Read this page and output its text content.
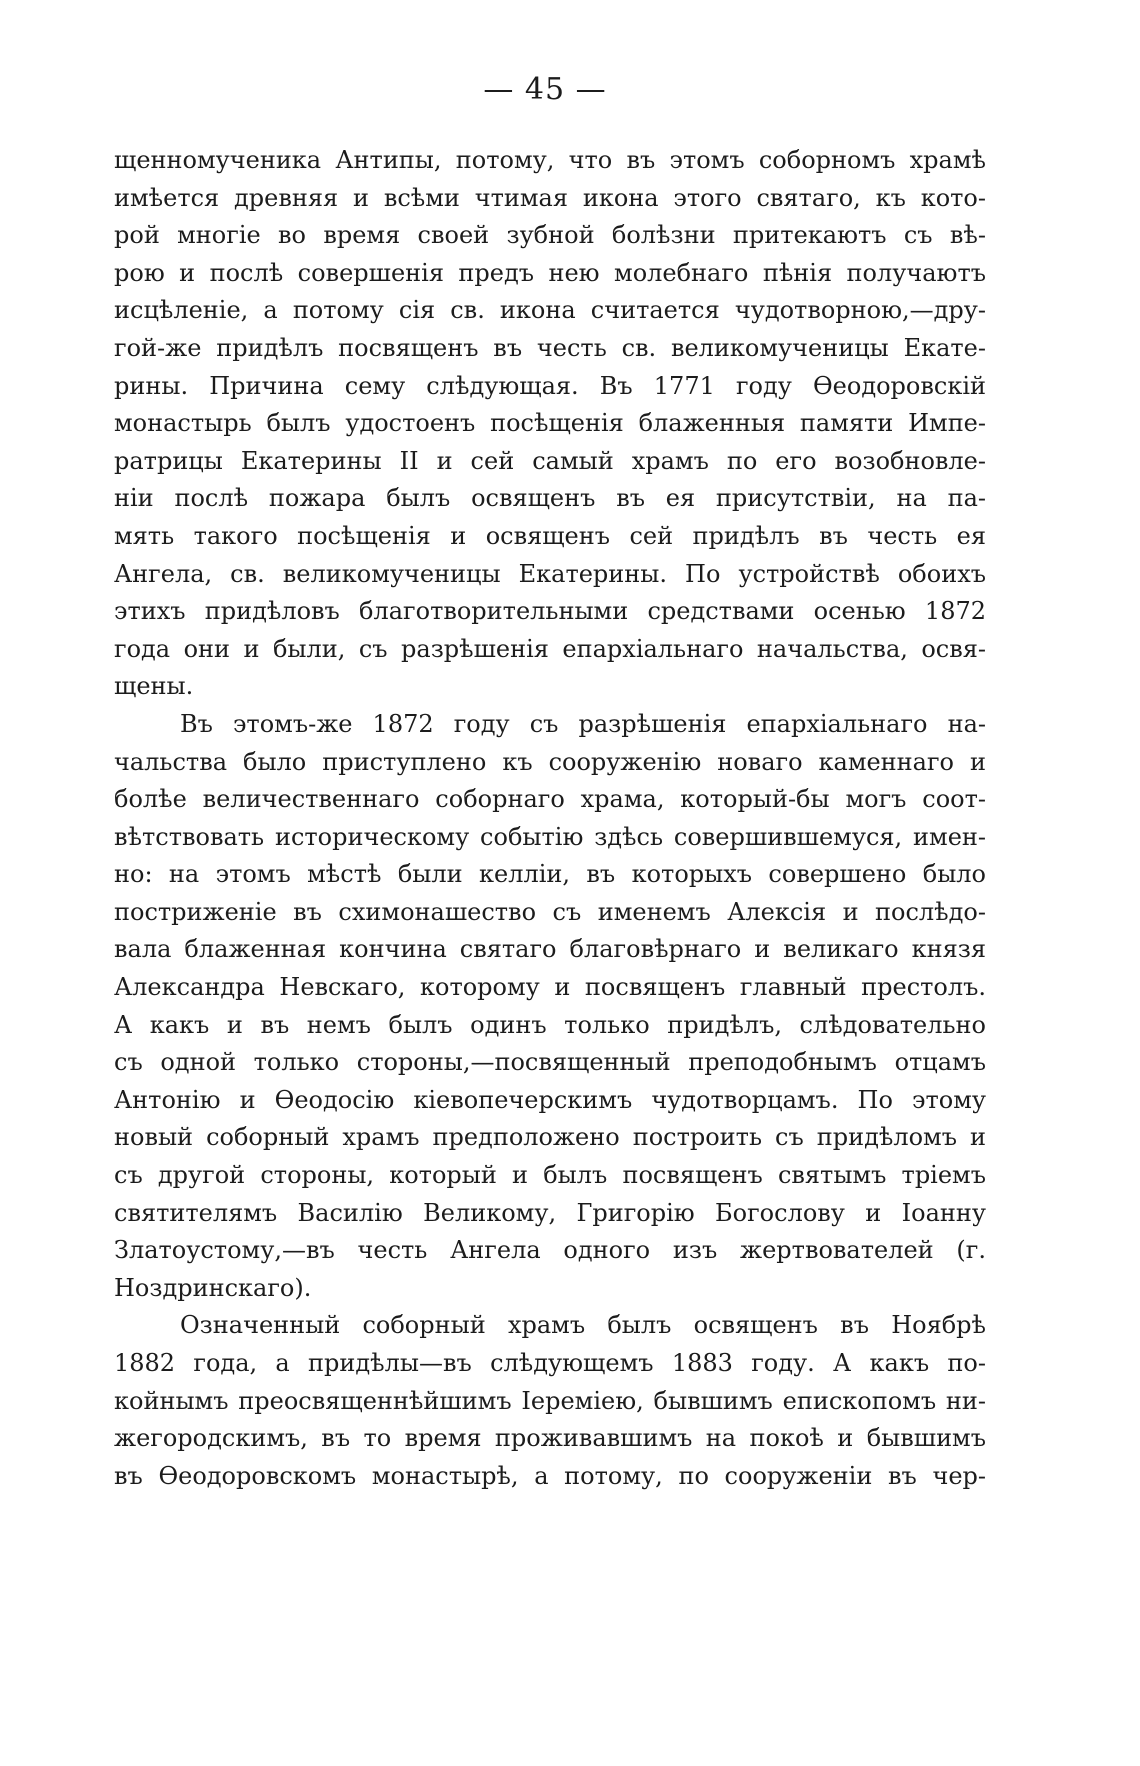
— 45 —
щенномученика Антипы, потому, что въ этомъ соборномъ храмѣ
имѣется древняя и всѣми чтимая икона этого святаго, къ кото-
рой многіе во время своей зубной болѣзни притекаютъ съ вѣ-
рою и послѣ совершенія предъ нею молебнаго пѣнія получаютъ
исцѣленіе, а потому сія св. икона считается чудотворною,—дру-
гой-же придѣлъ посвященъ въ честь св. великомученицы Екате-
рины. Причина сему слѣдующая. Въ 1771 году Ѳеодоровскій
монастырь былъ удостоенъ посѣщенія блаженныя памяти Импе-
ратрицы Екатерины II и сей самый храмъ по его возобновле-
ніи послѣ пожара былъ освященъ въ ея присутствіи, на па-
мять такого посѣщенія и освященъ сей придѣлъ въ честь ея
Ангела, св. великомученицы Екатерины. По устройствѣ обоихъ
этихъ придѣловъ благотворительными средствами осенью 1872
года они и были, съ разрѣшенія епархіальнаго начальства, освя-
щены.
Въ этомъ-же 1872 году съ разрѣшенія епархіальнаго на-
чальства было приступлено къ сооруженію новаго каменнаго и
болѣе величественнаго соборнаго храма, который-бы могъ соот-
вѣтствовать историческому событію здѣсь совершившемуся, имен-
но: на этомъ мѣстѣ были келліи, въ которыхъ совершено было
постриженіе въ схимонашество съ именемъ Алексія и послѣдо-
вала блаженная кончина святаго благовѣрнаго и великаго князя
Александра Невскаго, которому и посвященъ главный престолъ.
А какъ и въ немъ былъ одинъ только придѣлъ, слѣдовательно
съ одной только стороны,—посвященный преподобнымъ отцамъ
Антонію и Ѳеодосію кіевопечерскимъ чудотворцамъ. По этому
новый соборный храмъ предположено построить съ придѣломъ и
съ другой стороны, который и былъ посвященъ святымъ тріемъ
святителямъ Василію Великому, Григорію Богослову и Іоанну
Златоустому,—въ честь Ангела одного изъ жертвователей (г.
Ноздринскаго).
Означенный соборный храмъ былъ освященъ въ Ноябрѣ
1882 года, а придѣлы—въ слѣдующемъ 1883 году. А какъ по-
койнымъ преосвященнѣйшимъ Іереміею, бывшимъ епископомъ ни-
жегородскимъ, въ то время проживавшимъ на покоѣ и бывшимъ
въ Ѳеодоровскомъ монастырѣ, а потому, по сооруженіи въ чер-
